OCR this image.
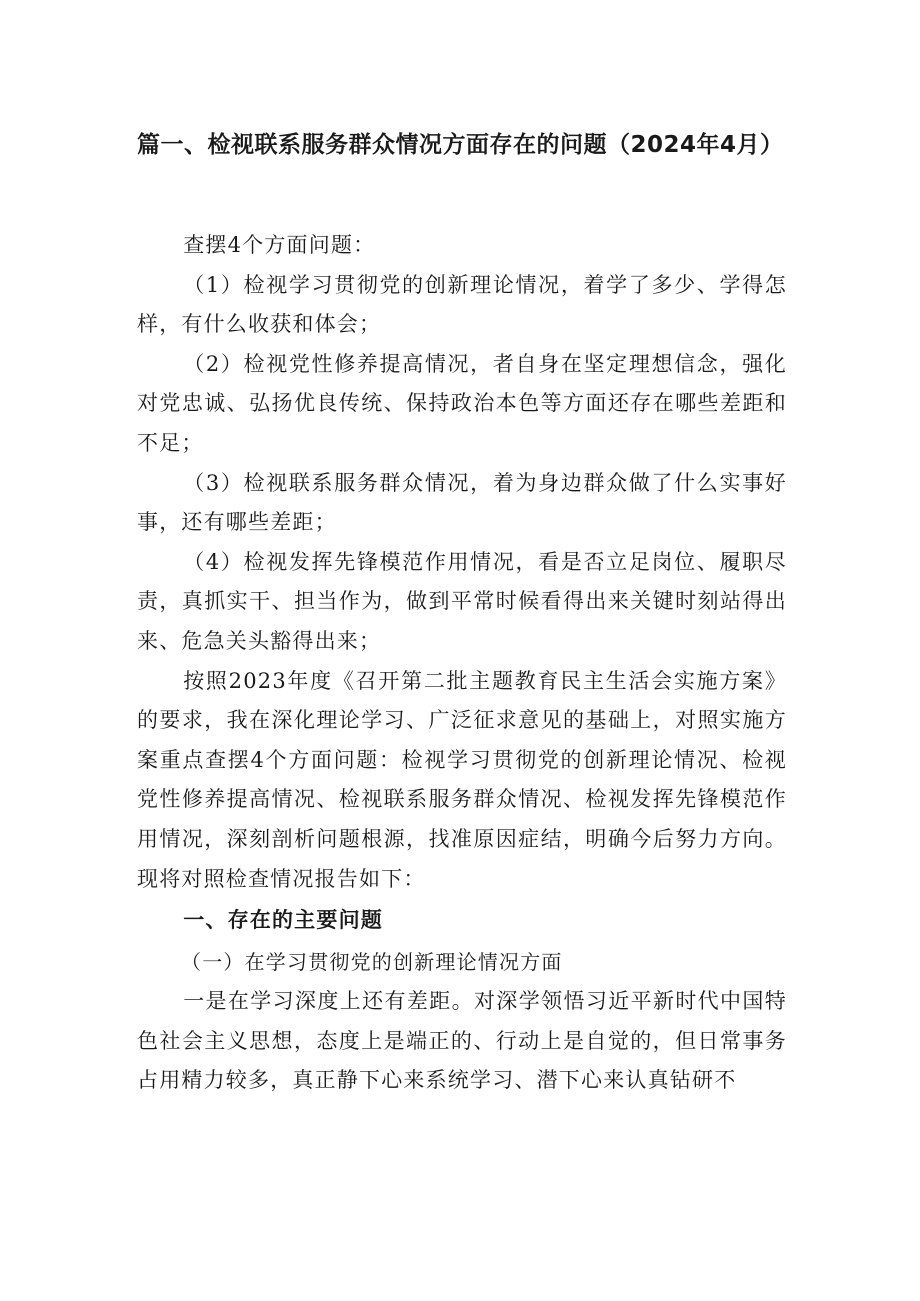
篇一、检视联系服务群众情况方面存在的问题（2024年4月）

查摆4个方面问题：

（1）检视学习贯彻党的创新理论情况，着学了多少、学得怎样，有什么收获和体会；

（2）检视党性修养提高情况，者自身在坚定理想信念，强化对党忠诚、弘扬优良传统、保持政治本色等方面还存在哪些差距和不足；

（3）检视联系服务群众情况，着为身边群众做了什么实事好事，还有哪些差距；

（4）检视发挥先锋模范作用情况，看是否立足岗位、履职尽责，真抓实干、担当作为，做到平常时候看得出来关键时刻站得出来、危急关头豁得出来；

按照2023年度《召开第二批主题教育民主生活会实施方案》的要求，我在深化理论学习、广泛征求意见的基础上，对照实施方案重点查摆4个方面问题：检视学习贯彻党的创新理论情况、检视党性修养提高情况、检视联系服务群众情况、检视发挥先锋模范作用情况，深刻剖析问题根源，找准原因症结，明确今后努力方向。现将对照检查情况报告如下：

一、存在的主要问题

（一）在学习贯彻党的创新理论情况方面

一是在学习深度上还有差距。对深学领悟习近平新时代中国特色社会主义思想，态度上是端正的、行动上是自觉的，但日常事务占用精力较多，真正静下心来系统学习、潜下心来认真钻研不
